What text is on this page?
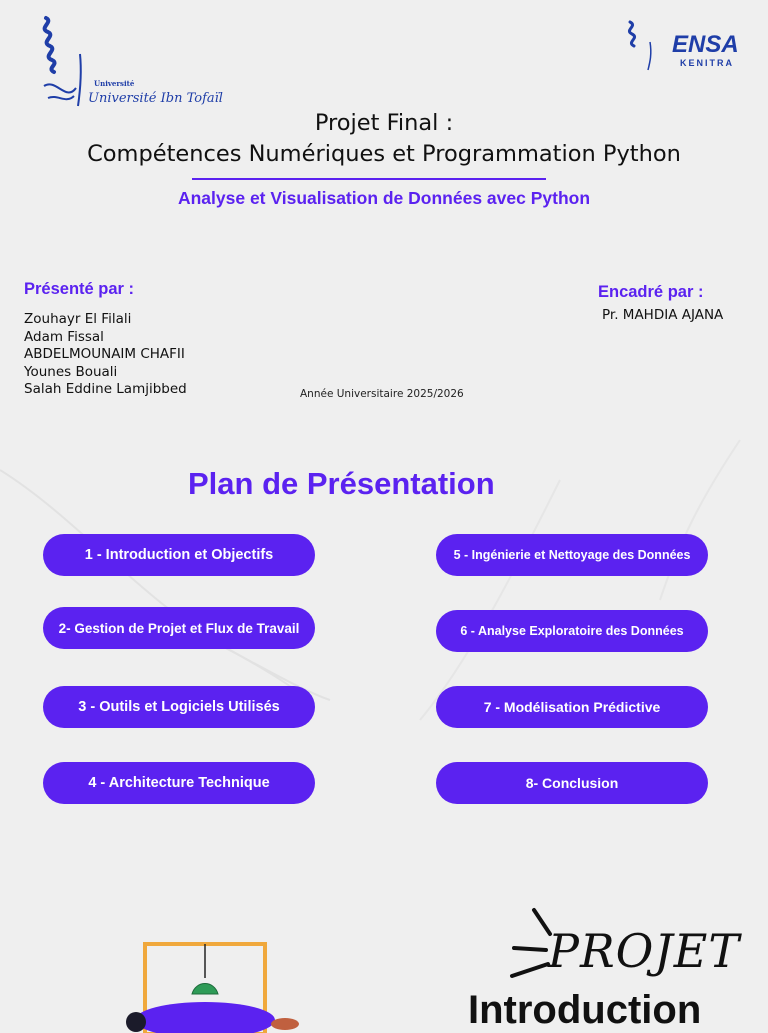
Université
Université Ibn Tofaïl
ENSA
KENITRA
Projet Final :
Compétences Numériques et Programmation Python
Analyse et Visualisation de Données avec Python
Présenté par :
Zouhayr El Filali
Adam Fissal
ABDELMOUNAIM CHAFII
Younes Bouali
Salah Eddine Lamjibbed
Encadré par :
Pr. MAHDIA AJANA
Année Universitaire 2025/2026
Plan de Présentation
1 - Introduction et Objectifs
2- Gestion de Projet et Flux de Travail
3 - Outils et Logiciels Utilisés
4 - Architecture Technique
5 - Ingénierie et Nettoyage des Données
6 - Analyse Exploratoire des Données
7 - Modélisation Prédictive
8- Conclusion
PROJET
Introduction
